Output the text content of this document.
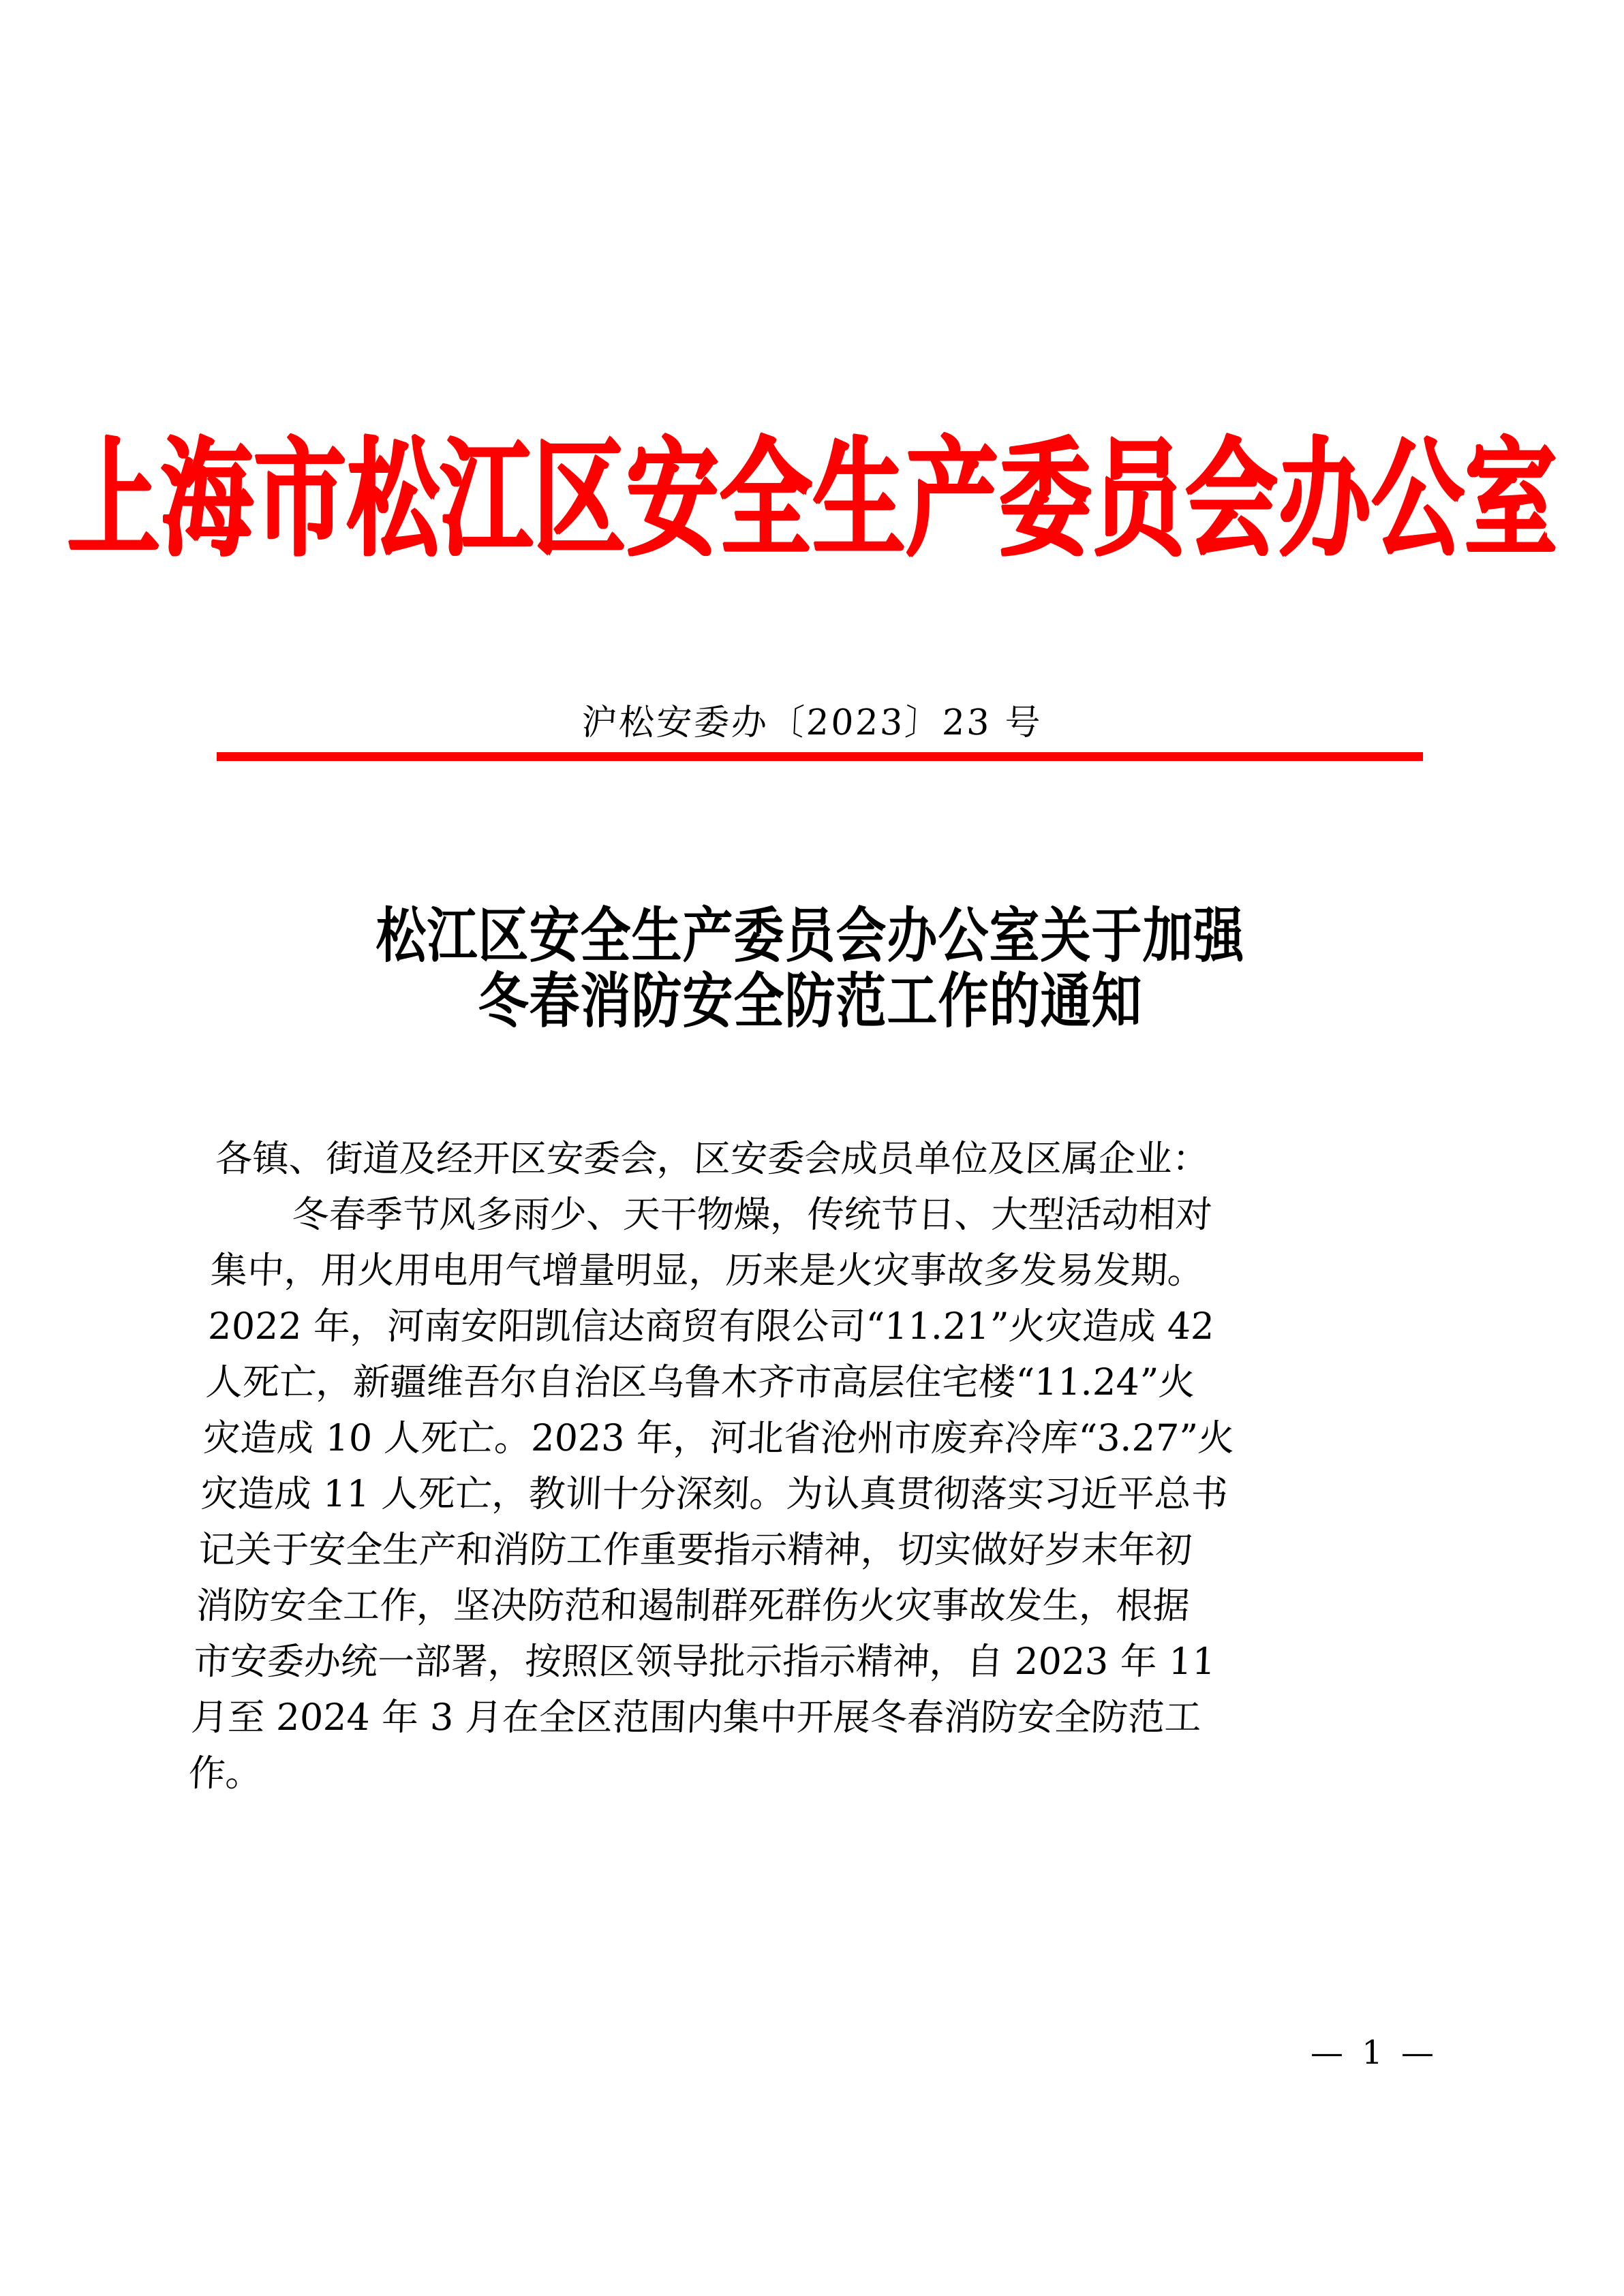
上海市松江区安全生产委员会办公室
沪松安委办〔2023〕23 号
松江区安全生产委员会办公室关于加强
冬春消防安全防范工作的通知
各镇、街道及经开区安委会，区安委会成员单位及区属企业：
冬春季节风多雨少、天干物燥，传统节日、大型活动相对
集中，用火用电用气增量明显，历来是火灾事故多发易发期。
2022 年，河南安阳凯信达商贸有限公司“11.21”火灾造成 42
人死亡，新疆维吾尔自治区乌鲁木齐市高层住宅楼“11.24”火
灾造成 10 人死亡。2023 年，河北省沧州市废弃冷库“3.27”火
灾造成 11 人死亡，教训十分深刻。为认真贯彻落实习近平总书
记关于安全生产和消防工作重要指示精神，切实做好岁末年初
消防安全工作，坚决防范和遏制群死群伤火灾事故发生，根据
市安委办统一部署，按照区领导批示指示精神，自 2023 年 11
月至 2024 年 3 月在全区范围内集中开展冬春消防安全防范工
作。
— 1 —
